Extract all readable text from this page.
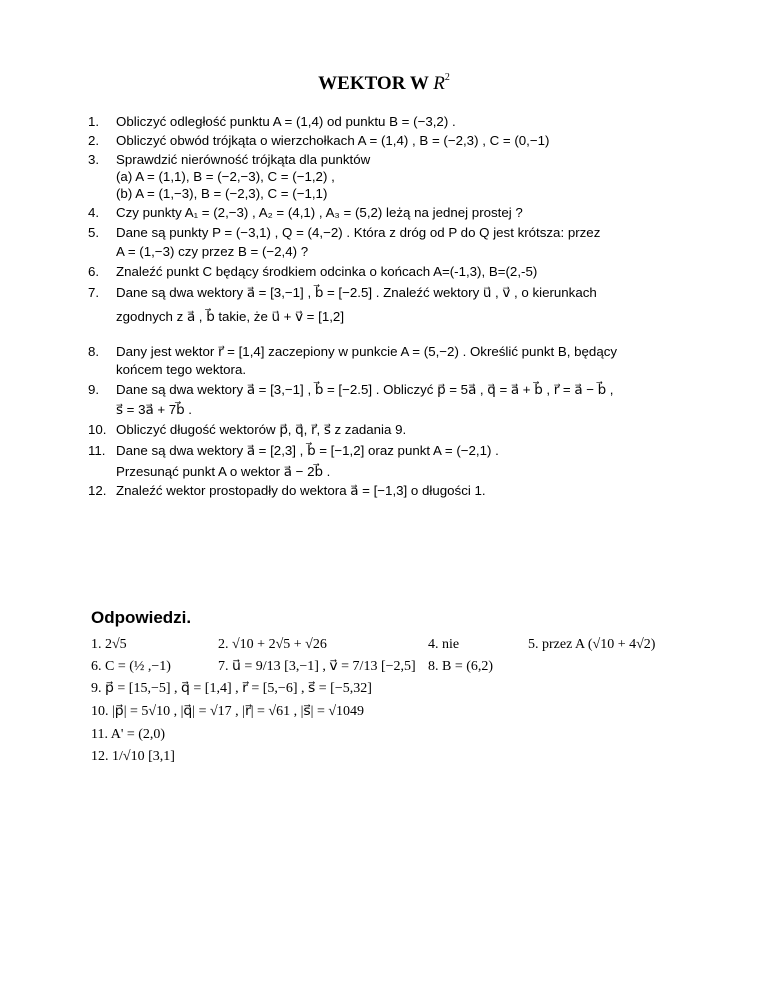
WEKTOR W $R^2$
1. Obliczyć odległość punktu A = (1,4) od punktu B = (−3,2) .
2. Obliczyć obwód trójkąta o wierzchołkach A = (1,4) , B = (−2,3) , C = (0,−1)
3. Sprawdzić nierówność trójkąta dla punktów
(a) A = (1,1), B = (−2,−3), C = (−1,2) ,
(b) A = (1,−3), B = (−2,3), C = (−1,1)
4. Czy punkty A₁ = (2,−3) , A₂ = (4,1) , A₃ = (5,2) leżą na jednej prostej ?
5. Dane są punkty P = (−3,1) , Q = (4,−2) . Która z dróg od P do Q jest krótsza: przez
A = (1,−3) czy przez B = (−2,4) ?
6. Znaleźć punkt C będący środkiem odcinka o końcach A=(-1,3), B=(2,-5)
7. Dane są dwa wektory a⃗ = [3,−1] , b⃗ = [−2.5] . Znaleźć wektory u⃗ , v⃗ , o kierunkach
zgodnych z a⃗ , b⃗ takie, że u⃗ + v⃗ = [1,2]
8. Dany jest wektor r⃗ = [1,4] zaczepiony w punkcie A = (5,−2) . Określić punkt B, będący
końcem tego wektora.
9. Dane są dwa wektory a⃗ = [3,−1] , b⃗ = [−2.5] . Obliczyć p⃗ = 5a⃗ , q⃗ = a⃗ + b⃗ , r⃗ = a⃗ − b⃗ ,
s⃗ = 3a⃗ + 7b⃗ .
10. Obliczyć długość wektorów p⃗, q⃗, r⃗, s⃗ z zadania 9.
11. Dane są dwa wektory a⃗ = [2,3] , b⃗ = [−1,2] oraz punkt A = (−2,1) .
Przesunąć punkt A o wektor a⃗ − 2b⃗ .
12. Znaleźć wektor prostopadły do wektora a⃗ = [−1,3] o długości 1.
Odpowiedzi.
1. 2√5	2. √10 + 2√5 + √26	4. nie	5. przez A (√10 + 4√2)
6. C = (½ ,−1)	7. u⃗ = 9/13 [3,−1] , v⃗ = 7/13 [−2,5] 8. B = (6,2)
9. p⃗ = [15,−5] , q⃗ = [1,4] , r⃗ = [5,−6] , s⃗ = [−5,32]
10. |p⃗| = 5√10 , |q⃗| = √17 , |r⃗| = √61 , |s⃗| = √1049
11. A' = (2,0)
12. 1/√10 [3,1]
